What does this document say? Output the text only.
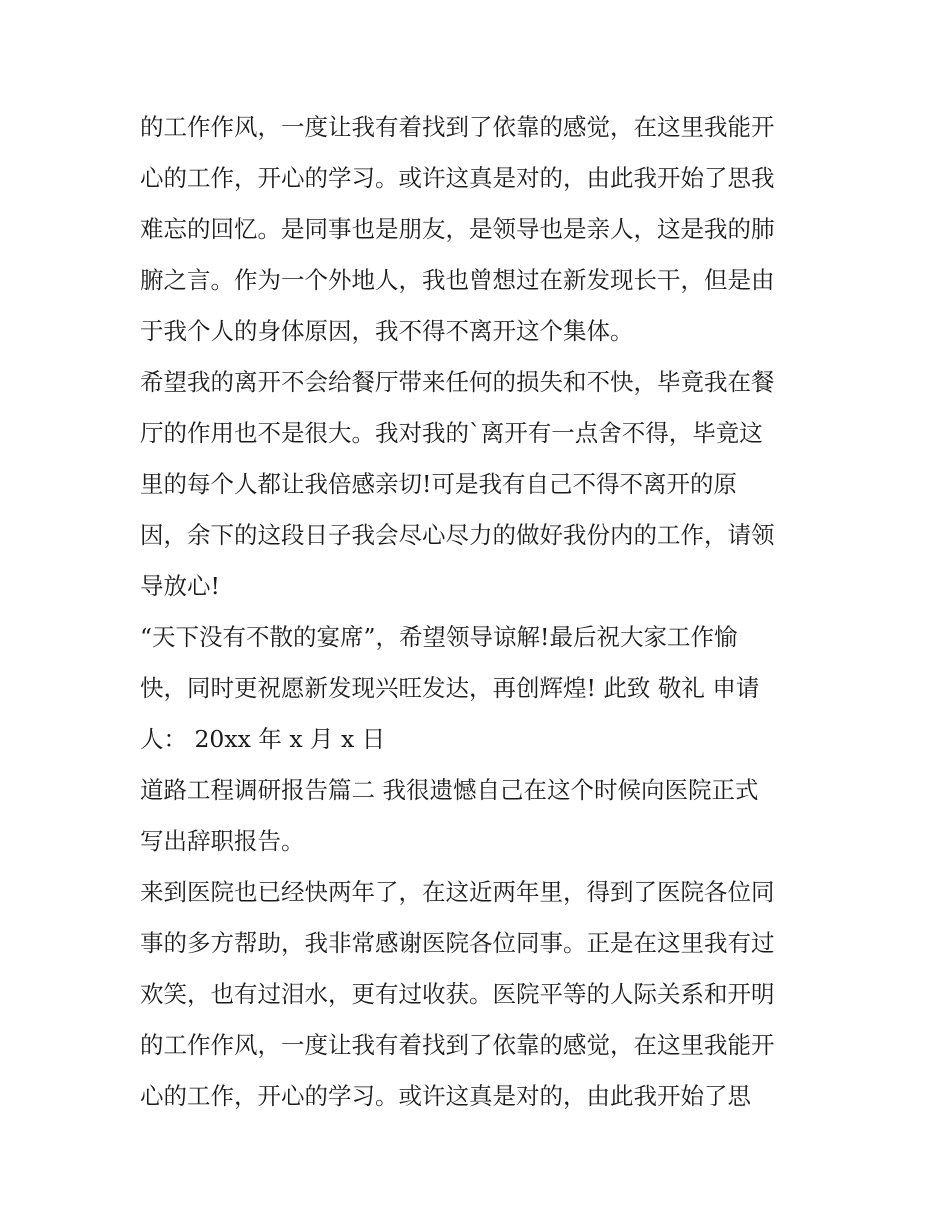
的工作作风，一度让我有着找到了依靠的感觉，在这里我能开
心的工作，开心的学习。或许这真是对的，由此我开始了思我
难忘的回忆。是同事也是朋友，是领导也是亲人，这是我的肺
腑之言。作为一个外地人，我也曾想过在新发现长干，但是由
于我个人的身体原因，我不得不离开这个集体。
希望我的离开不会给餐厅带来任何的损失和不快，毕竟我在餐
厅的作用也不是很大。我对我的`离开有一点舍不得，毕竟这
里的每个人都让我倍感亲切!可是我有自己不得不离开的原
因，余下的这段日子我会尽心尽力的做好我份内的工作，请领
导放心!
“天下没有不散的宴席”，希望领导谅解!最后祝大家工作愉
快，同时更祝愿新发现兴旺发达，再创辉煌! 此致 敬礼 申请
人： 20xx 年 x 月 x 日
道路工程调研报告篇二 我很遗憾自己在这个时候向医院正式
写出辞职报告。
来到医院也已经快两年了，在这近两年里，得到了医院各位同
事的多方帮助，我非常感谢医院各位同事。正是在这里我有过
欢笑，也有过泪水，更有过收获。医院平等的人际关系和开明
的工作作风，一度让我有着找到了依靠的感觉，在这里我能开
心的工作，开心的学习。或许这真是对的，由此我开始了思
